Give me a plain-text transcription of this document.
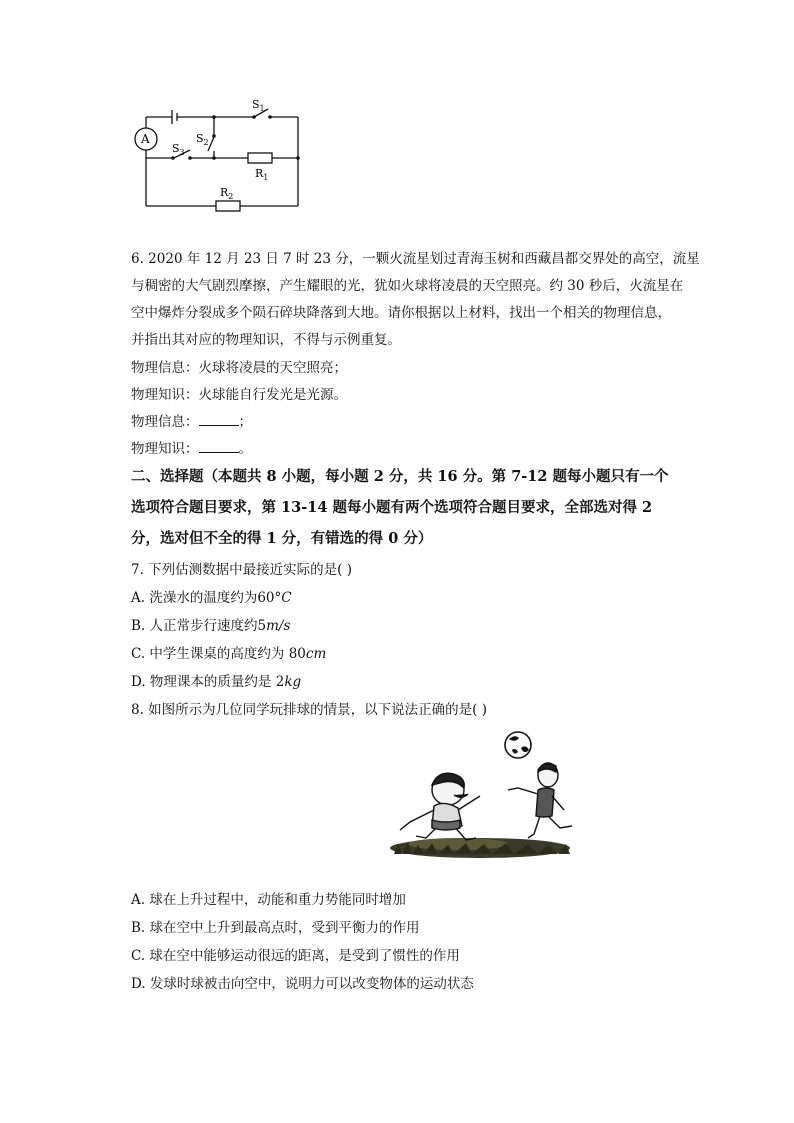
A
$S_1$
$S_2$
$S_3$
$R_1$
$R_2$
6. 2020 年 12 月 23 日 7 时 23 分，一颗火流星划过青海玉树和西藏昌都交界处的高空，流星
与稠密的大气剧烈摩擦，产生耀眼的光，犹如火球将凌晨的天空照亮。约 30 秒后，火流星在
空中爆炸分裂成多个陨石碎块降落到大地。请你根据以上材料，找出一个相关的物理信息，
并指出其对应的物理知识，不得与示例重复。
物理信息：火球将凌晨的天空照亮；
物理知识：火球能自行发光是光源。
物理信息：	；
物理知识：	。
二、选择题（本题共 8 小题，每小题 2 分，共 16 分。第 7-12 题每小题只有一个
选项符合题目要求，第 13-14 题每小题有两个选项符合题目要求，全部选对得 2
分，选对但不全的得 1 分，有错选的得 0 分）
7. 下列估测数据中最接近实际的是( )
A. 洗澡水的温度约为60°C
B. 人正常步行速度约5m/s
C. 中学生课桌的高度约为 80cm
D. 物理课本的质量约是 2kg
8. 如图所示为几位同学玩排球的情景，以下说法正确的是( )
A. 球在上升过程中，动能和重力势能同时增加
B. 球在空中上升到最高点时，受到平衡力的作用
C. 球在空中能够运动很远的距离，是受到了惯性的作用
D. 发球时球被击向空中，说明力可以改变物体的运动状态
